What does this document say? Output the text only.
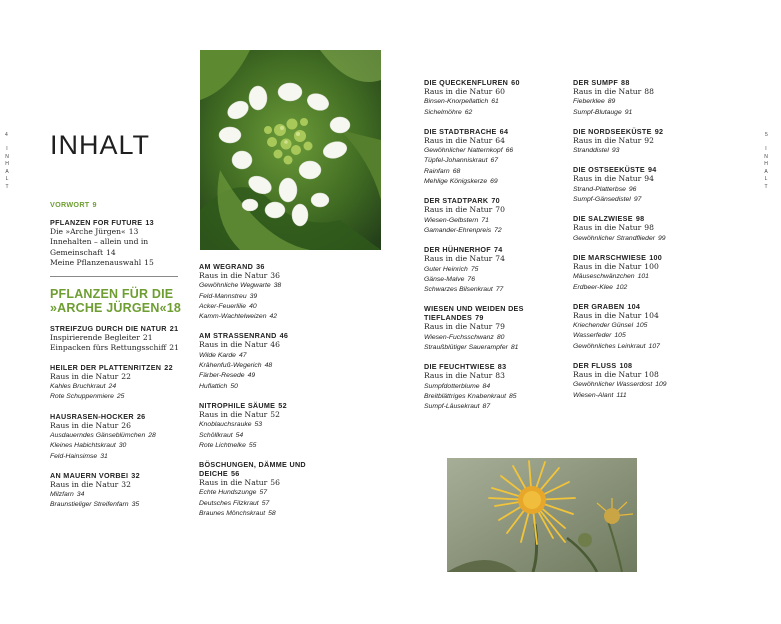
4	5
I
N
H
A
L
T
I
N
H
A
L
T
INHALT
VORWORT 9
PFLANZEN FOR FUTURE 13
Die »Arche Jürgen« 13
Innehalten – allein und in Gemeinschaft 14
Meine Pflanzenauswahl 15
PFLANZEN FÜR DIE »ARCHE JÜRGEN«18
STREIFZUG DURCH DIE NATUR 21
Inspirierende Begleiter 21
Einpacken fürs Rettungsschiff 21
HEILER DER PLATTENRITZEN 22
Raus in die Natur 22
Kahles Bruchkraut 24
Rote Schuppenmiere 25
HAUSRASEN-HOCKER 26
Raus in die Natur 26
Ausdauerndes Gänseblümchen 28
Kleines Habichtskraut 30
Feld-Hainsimse 31
AN MAUERN VORBEI 32
Raus in die Natur 32
Milzfarn 34
Braunstieliger Streifenfarn 35
AM WEGRAND 36
Raus in die Natur 36
Gewöhnliche Wegwarte 38
Feld-Mannstreu 39
Acker-Feuerlilie 40
Kamm-Wachtelweizen 42
AM STRASSENRAND 46
Raus in die Natur 46
Wilde Karde 47
Krähenfuß-Wegerich 48
Färber-Resede 49
Huflattich 50
NITROPHILE SÄUME 52
Raus in die Natur 52
Knoblauchsrauke 53
Schöllkraut 54
Rote Lichtnelke 55
BÖSCHUNGEN, DÄMME UND DEICHE 56
Raus in die Natur 56
Echte Hundszunge 57
Deutsches Filzkraut 57
Braunes Mönchskraut 58
DIE QUECKENFLUREN 60
Raus in die Natur 60
Binsen-Knorpellattich 61
Sichelmöhre 62
DIE STADTBRACHE 64
Raus in die Natur 64
Gewöhnlicher Natternkopf 66
Tüpfel-Johanniskraut 67
Rainfarn 68
Mehlige Königskerze 69
DER STADTPARK 70
Raus in die Natur 70
Wiesen-Gelbstern 71
Gamander-Ehrenpreis 72
DER HÜHNERHOF 74
Raus in die Natur 74
Guter Heinrich 75
Gänse-Malve 76
Schwarzes Bilsenkraut 77
WIESEN UND WEIDEN DES TIEFLANDES 79
Raus in die Natur 79
Wiesen-Fuchsschwanz 80
Straußblütiger Sauerampfer 81
DIE FEUCHTWIESE 83
Raus in die Natur 83
Sumpfdotterblume 84
Breitblättriges Knabenkraut 85
Sumpf-Läusekraut 87
DER SUMPF 88
Raus in die Natur 88
Fieberklee 89
Sumpf-Blutauge 91
DIE NORDSEEKÜSTE 92
Raus in die Natur 92
Stranddistel 93
DIE OSTSEEKÜSTE 94
Raus in die Natur 94
Strand-Platterbse 96
Sumpf-Gänsedistel 97
DIE SALZWIESE 98
Raus in die Natur 98
Gewöhnlicher Strandflieder 99
DIE MARSCHWIESE 100
Raus in die Natur 100
Mäuseschwänzchen 101
Erdbeer-Klee 102
DER GRABEN 104
Raus in die Natur 104
Kriechender Günsel 105
Wasserfeder 105
Gewöhnliches Leinkraut 107
DER FLUSS 108
Raus in die Natur 108
Gewöhnlicher Wasserdost 109
Wiesen-Alant 111
